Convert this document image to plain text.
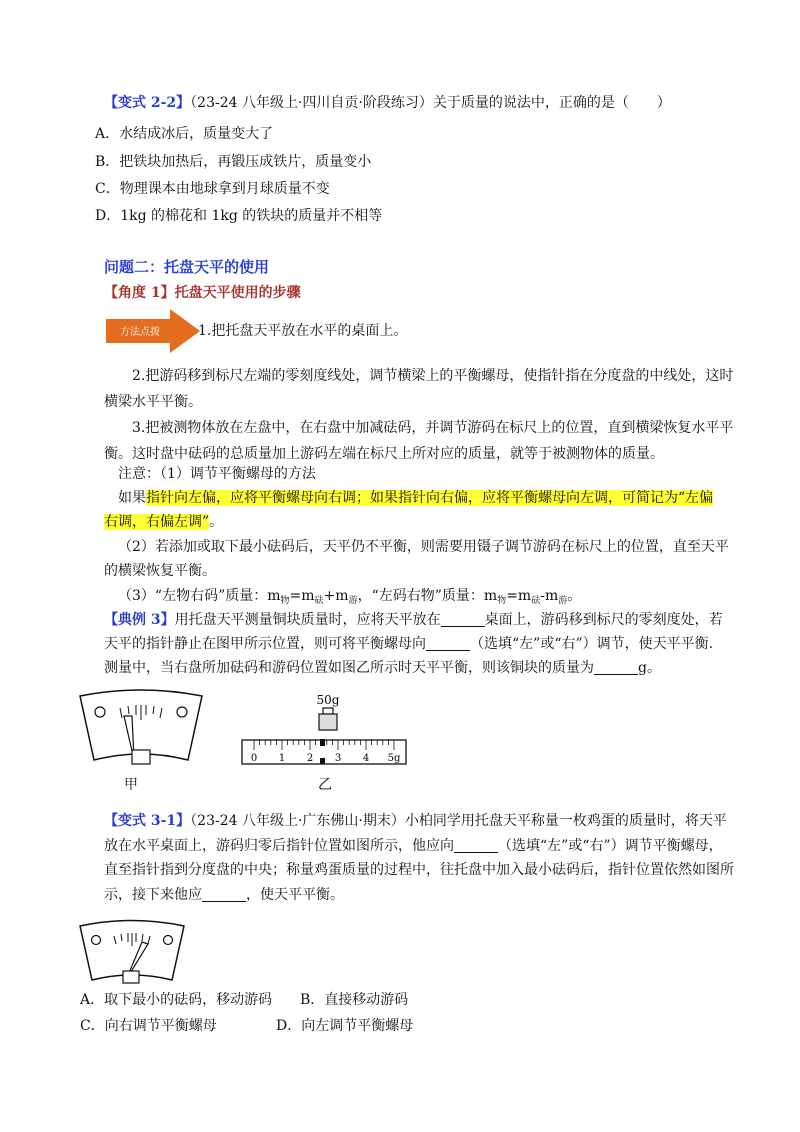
【变式 2-2】（23-24 八年级上·四川自贡·阶段练习）关于质量的说法中，正确的是（　　）
A．水结成冰后，质量变大了
B．把铁块加热后，再锻压成铁片，质量变小
C．物理课本由地球拿到月球质量不变
D．1kg 的棉花和 1kg 的铁块的质量并不相等
问题二：托盘天平的使用
【角度 1】托盘天平使用的步骤
方法点拨	1.把托盘天平放在水平的桌面上。
2.把游码移到标尺左端的零刻度线处，调节横梁上的平衡螺母，使指针指在分度盘的中线处，这时
横梁水平平衡。
3.把被测物体放在左盘中，在右盘中加减砝码，并调节游码在标尺上的位置，直到横梁恢复水平平
衡。这时盘中砝码的总质量加上游码左端在标尺上所对应的质量，就等于被测物体的质量。
注意：（1）调节平衡螺母的方法
如果指针向左偏，应将平衡螺母向右调；如果指针向右偏，应将平衡螺母向左调，可简记为“左偏
右调，右偏左调”。
（2）若添加或取下最小砝码后，天平仍不平衡，则需要用镊子调节游码在标尺上的位置，直至天平
的横梁恢复平衡。
（3）“左物右码”质量：$m_物=m_砝+m_游$，“左码右物”质量：$m_物=m_砝-m_游$。
【典例 3】用托盘天平测量铜块质量时，应将天平放在	桌面上，游码移到标尺的零刻度处，若
天平的指针静止在图甲所示位置，则可将平衡螺母向	（选填“左”或“右”）调节，使天平平衡.
测量中，当右盘所加砝码和游码位置如图乙所示时天平平衡，则该铜块的质量为	g。
甲
50g
0 1 2 3 4 5g
乙
【变式 3-1】（23-24 八年级上·广东佛山·期末）小柏同学用托盘天平称量一枚鸡蛋的质量时，将天平
放在水平桌面上，游码归零后指针位置如图所示，他应向	（选填“左”或“右”）调节平衡螺母，
直至指针指到分度盘的中央；称量鸡蛋质量的过程中，往托盘中加入最小砝码后，指针位置依然如图所
示，接下来他应	，使天平平衡。
A．取下最小的砝码，移动游码	B．直接移动游码
C．向右调节平衡螺母	D．向左调节平衡螺母
